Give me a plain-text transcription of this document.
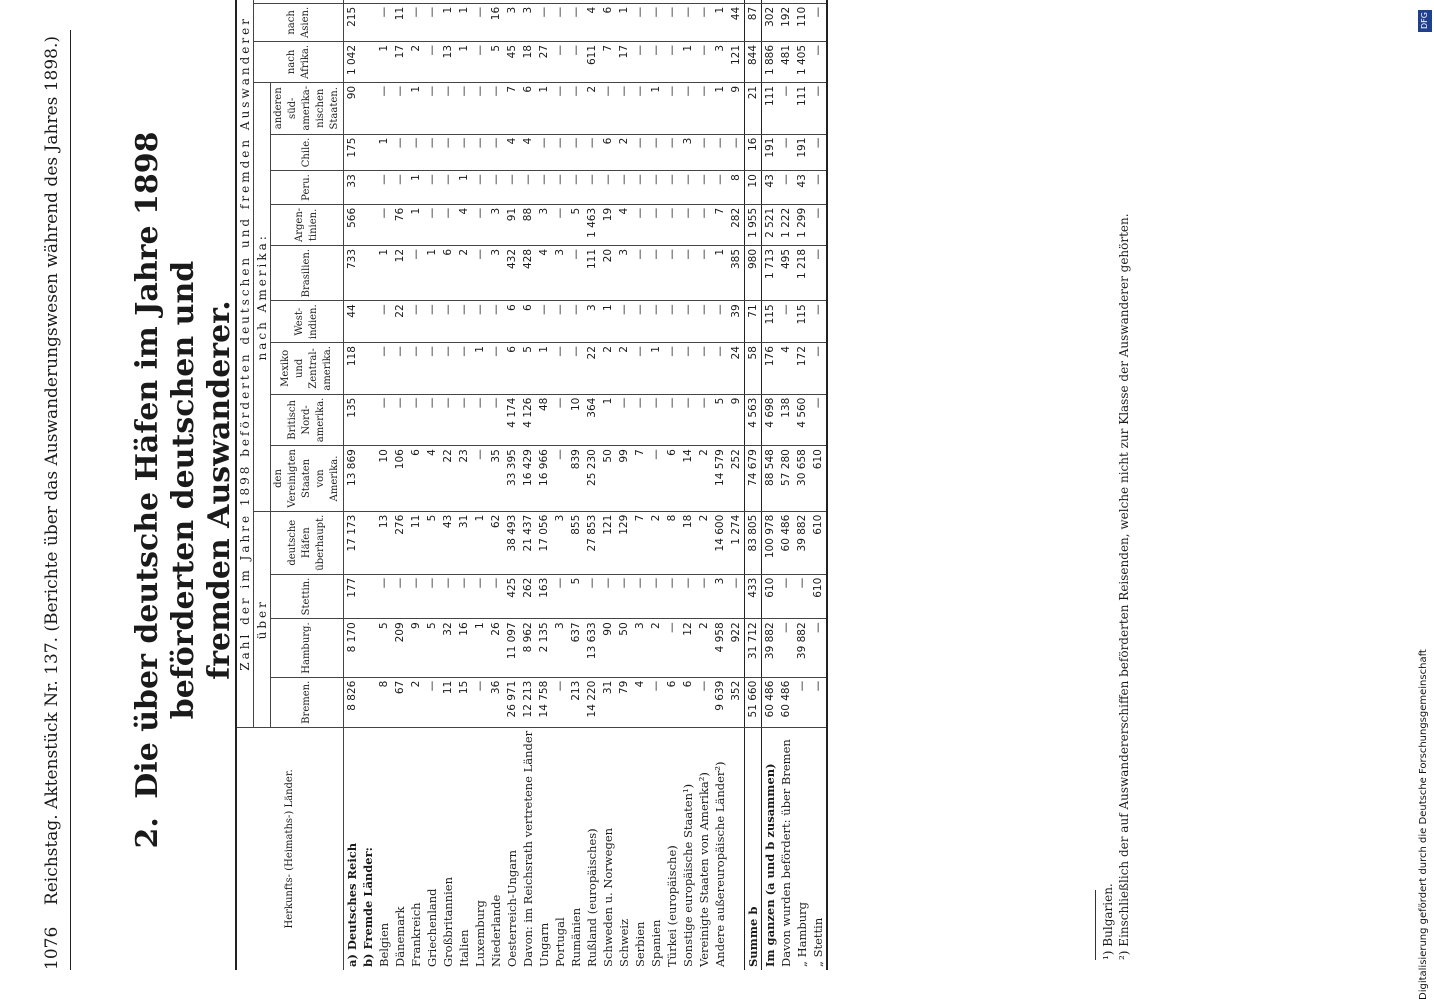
1076    Reichstag. Aktenstück Nr. 137. (Berichte über das Auswanderungswesen während des Jahres 1898.) 2. Die über deutsche Häfen im Jahre 1898 beförderten deutschen und fremden Auswanderer.
Herkunfts- (Heimaths-) Länder.	Zahl der im Jahre 1898 beförderten deutschen und fremden Auswanderer															
	über				nach Amerika:									nach Afrika.	nach Asien.	
	Bremen.	Hamburg.	Stettin.	deutsche Häfen überhaupt.	den Vereinigten Staaten von Amerika.	Britisch Nord-amerika.	Mexiko und Zentral-amerika.	West-indien.	Brasilien.	Argen-tinien.	Peru.	Chile.	anderen süd-amerika-nischen Staaten.			
a) Deutsches Reich	8 826	8 170	177	17 173	13 869	135	118	44	733	566	33	175	90	1 042	215	
b) Fremde Länder:																
Belgien	8	5	—	13	10	—	—	—	1	—	—	1	—	1	—	
Dänemark	67	209	—	276	106	—	—	22	12	76	—	—	—	17	11	
Frankreich	2	9	—	11	6	—	—	—	—	1	1	—	1	2	—	
Griechenland	—	5	—	5	4	—	—	—	1	—	—	—	—	—	—	
Großbritannien	11	32	—	43	22	—	—	—	6	—	—	—	—	13	1	
Italien	15	16	—	31	23	—	—	—	2	4	1	—	—	1	1	
Luxemburg	—	1	—	1	—	—	1	—	—	—	—	—	—	—	—	
Niederlande	36	26	—	62	35	—	—	—	3	3	—	—	—	5	16	
Oesterreich-Ungarn	26 971	11 097	425	38 493	33 395	4 174	6	6	432	91	—	4	7	45	3	
Davon: im Reichsrath vertretene Länder	12 213	8 962	262	21 437	16 429	4 126	5	6	428	88	—	4	6	18	3	
Ungarn	14 758	2 135	163	17 056	16 966	48	1	—	4	3	—	—	1	27	—	
Portugal	—	3	—	3	—	—	—	—	3	—	—	—	—	—	—	
Rumänien	213	637	5	855	839	10	—	—	—	5	—	—	—	—	—	
Rußland (europäisches)	14 220	13 633	—	27 853	25 230	364	22	3	111	1 463	—	—	2	611	4	
Schweden u. Norwegen	31	90	—	121	50	1	2	1	20	19	—	6	—	7	6	
Schweiz	79	50	—	129	99	—	2	—	3	4	—	2	—	17	1	
Serbien	4	3	—	7	7	—	—	—	—	—	—	—	—	—	—	
Spanien	—	2	—	2	—	—	1	—	—	—	—	—	1	—	—	
Türkei (europäische)	6	—	—	8	6	—	—	—	—	—	—	—	—	—	—	
Sonstige europäische Staaten¹)	6	12	—	18	14	—	—	—	—	—	—	3	—	1	—	
Vereinigte Staaten von Amerika²)	—	2	—	2	2	—	—	—	—	—	—	—	—	—	—	
Andere außereuropäische Länder²)	9 639	4 958	3	14 600	14 579	5	—	—	1	7	—	—	1	3	1	
	352	922	—	1 274	252	9	24	39	385	282	8	—	9	121	44	
Summe b	51 660	31 712	433	83 805	74 679	4 563	58	71	980	1 955	10	16	21	844	87	
Im ganzen (a und b zusammen)	60 486	39 882	610	100 978	88 548	4 698	176	115	1 713	2 521	43	191	111	1 886	302	
Davon wurden befördert: über Bremen	60 486	—	—	60 486	57 280	138	4	—	495	1 222	—	—	—	481	192	
„ Hamburg	—	39 882	—	39 882	30 658	4 560	172	115	1 218	1 299	43	191	111	1 405	110	
„ Stettin	—	—	610	610	610	—	—	—	—	—	—	—	—	—	—	
¹) Bulgarien. ²) Einschließlich der auf Auswandererschiffen beförderten Reisenden, welche nicht zur Klasse der Auswanderer gehörten.
DFG
Digitalisierung gefördert durch die Deutsche Forschungsgemeinschaft
